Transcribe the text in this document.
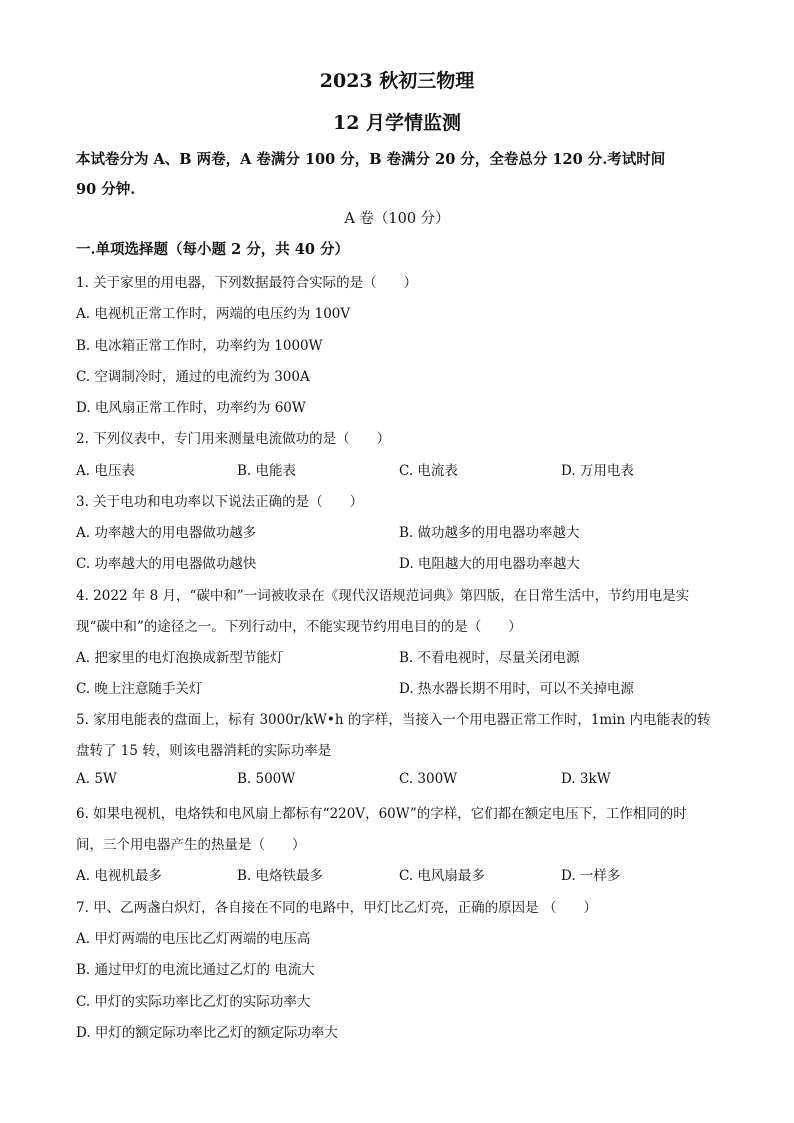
2023 秋初三物理
12 月学情监测
本试卷分为 A、B 两卷，A 卷满分 100 分，B 卷满分 20 分，全卷总分 120 分.考试时间
90 分钟.
A 卷（100 分）
一.单项选择题（每小题 2 分，共 40 分）
1. 关于家里的用电器，下列数据最符合实际的是（　　）
A. 电视机正常工作时，两端的电压约为 100V
B. 电冰箱正常工作时，功率约为 1000W
C. 空调制冷时，通过的电流约为 300A
D. 电风扇正常工作时，功率约为 60W
2. 下列仪表中，专门用来测量电流做功的是（　　）
A. 电压表	B. 电能表	C. 电流表	D. 万用电表
3. 关于电功和电功率以下说法正确的是（　　）
A. 功率越大的用电器做功越多	B. 做功越多的用电器功率越大
C. 功率越大的用电器做功越快	D. 电阻越大的用电器功率越大
4. 2022 年 8 月，“碳中和”一词被收录在《现代汉语规范词典》第四版，在日常生活中，节约用电是实
现“碳中和”的途径之一。下列行动中，不能实现节约用电目的的是（　　）
A. 把家里的电灯泡换成新型节能灯	B. 不看电视时，尽量关闭电源
C. 晚上注意随手关灯	D. 热水器长期不用时，可以不关掉电源
5. 家用电能表的盘面上，标有 3000r/kW•h 的字样，当接入一个用电器正常工作时，1min 内电能表的转
盘转了 15 转，则该电器消耗的实际功率是
A. 5W	B. 500W	C. 300W	D. 3kW
6. 如果电视机，电烙铁和电风扇上都标有“220V，60W”的字样，它们都在额定电压下，工作相同的时
间，三个用电器产生的热量是（　　）
A. 电视机最多	B. 电烙铁最多	C. 电风扇最多	D. 一样多
7. 甲、乙两盏白炽灯，各自接在不同的电路中，甲灯比乙灯亮，正确的原因是 （　　）
A. 甲灯两端的电压比乙灯两端的电压高
B. 通过甲灯的电流比通过乙灯的 电流大
C. 甲灯的实际功率比乙灯的实际功率大
D. 甲灯的额定际功率比乙灯的额定际功率大
